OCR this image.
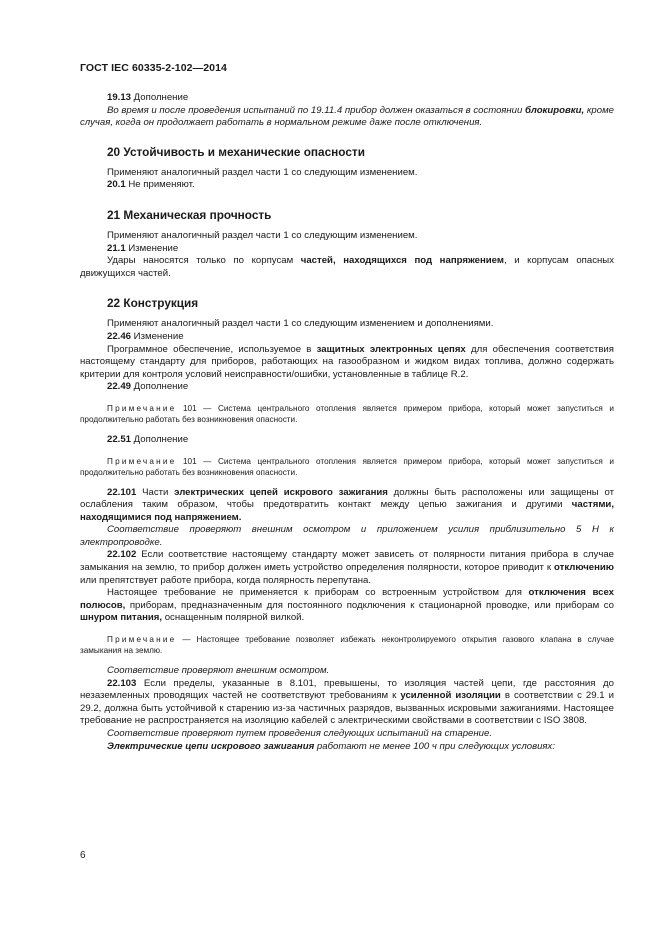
ГОСТ IEC 60335-2-102—2014

19.13 Дополнение

Во время и после проведения испытаний по 19.11.4 прибор должен оказаться в состоянии блокировки, кроме случая, когда он продолжает работать в нормальном режиме даже после отключения.

20 Устойчивость и механические опасности

Применяют аналогичный раздел части 1 со следующим изменением.

20.1 Не применяют.

21 Механическая прочность

Применяют аналогичный раздел части 1 со следующим изменением.

21.1 Изменение

Удары наносятся только по корпусам частей, находящихся под напряжением, и корпусам опасных движущихся частей.

22 Конструкция

Применяют аналогичный раздел части 1 со следующим изменением и дополнениями.

22.46 Изменение

Программное обеспечение, используемое в защитных электронных цепях для обеспечения соответствия настоящему стандарту для приборов, работающих на газообразном и жидком видах топлива, должно содержать критерии для контроля условий неисправности/ошибки, установленные в таблице R.2.

22.49 Дополнение

Примечание 101 — Система центрального отопления является примером прибора, который может запуститься и продолжительно работать без возникновения опасности.

22.51 Дополнение

Примечание 101 — Система центрального отопления является примером прибора, который может запуститься и продолжительно работать без возникновения опасности.

22.101 Части электрических цепей искрового зажигания должны быть расположены или защищены от ослабления таким образом, чтобы предотвратить контакт между цепью зажигания и другими частями, находящимися под напряжением.

Соответствие проверяют внешним осмотром и приложением усилия приблизительно 5 Н к электропроводке.

22.102 Если соответствие настоящему стандарту может зависеть от полярности питания прибора в случае замыкания на землю, то прибор должен иметь устройство определения полярности, которое приводит к отключению или препятствует работе прибора, когда полярность перепутана.

Настоящее требование не применяется к приборам со встроенным устройством для отключения всех полюсов, приборам, предназначенным для постоянного подключения к стационарной проводке, или приборам со шнуром питания, оснащенным полярной вилкой.

Примечание — Настоящее требование позволяет избежать неконтролируемого открытия газового клапана в случае замыкания на землю.

Соответствие проверяют внешним осмотром.

22.103 Если пределы, указанные в 8.101, превышены, то изоляция частей цепи, где расстояния до незаземленных проводящих частей не соответствуют требованиям к усиленной изоляции в соответствии с 29.1 и 29.2, должна быть устойчивой к старению из-за частичных разрядов, вызванных искровыми зажиганиями. Настоящее требование не распространяется на изоляцию кабелей с электрическими свойствами в соответствии с ISO 3808.

Соответствие проверяют путем проведения следующих испытаний на старение.

Электрические цепи искрового зажигания работают не менее 100 ч при следующих условиях:

6
